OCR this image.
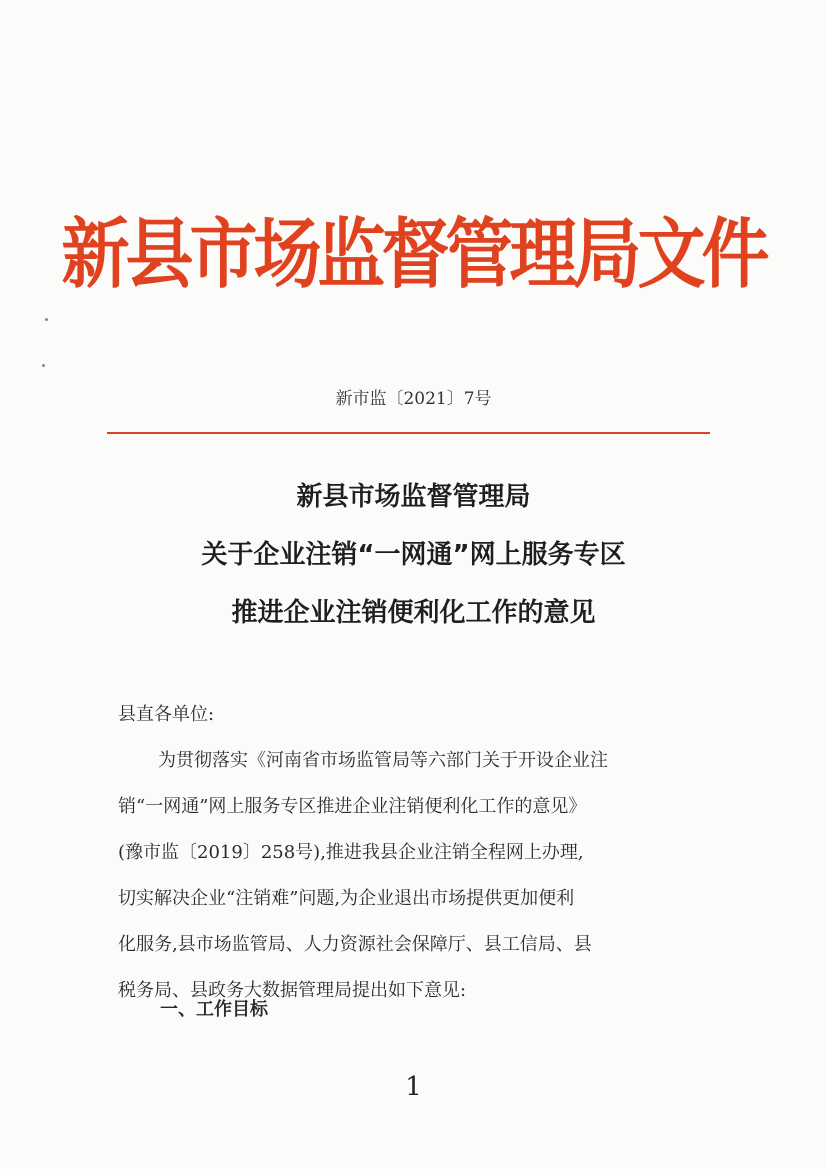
新县市场监督管理局文件
新市监〔2021〕7号
新县市场监督管理局
关于企业注销“一网通”网上服务专区
推进企业注销便利化工作的意见
县直各单位:
为贯彻落实《河南省市场监管局等六部门关于开设企业注
销“一网通”网上服务专区推进企业注销便利化工作的意见》
(豫市监〔2019〕258号),推进我县企业注销全程网上办理,
切实解决企业“注销难”问题,为企业退出市场提供更加便利
化服务,县市场监管局、人力资源社会保障厅、县工信局、县
税务局、县政务大数据管理局提出如下意见:
一、工作目标
1
